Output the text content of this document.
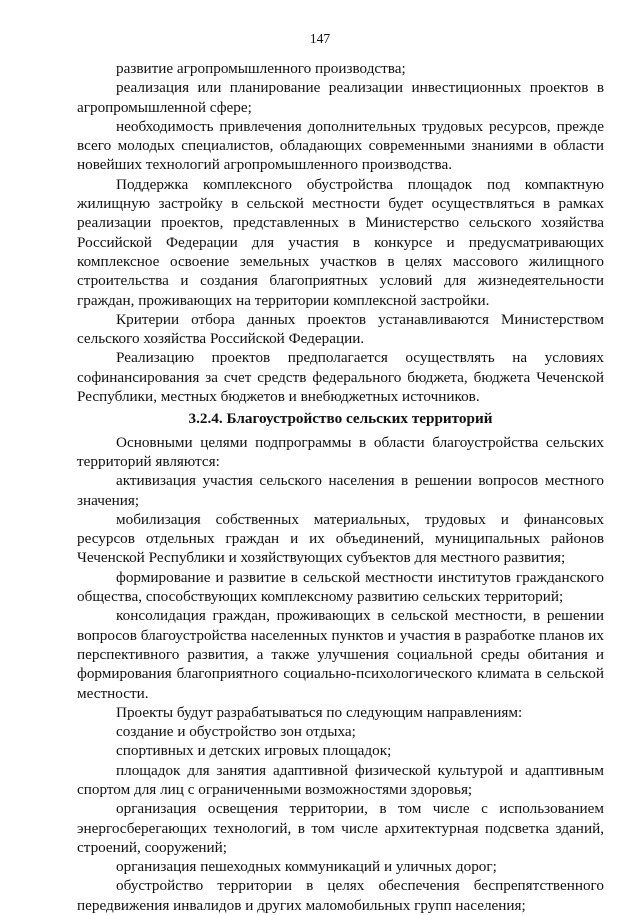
147

развитие агропромышленного производства;

реализация или планирование реализации инвестиционных проектов в агропромышленной сфере;

необходимость привлечения дополнительных трудовых ресурсов, прежде всего молодых специалистов, обладающих современными знаниями в области новейших технологий агропромышленного производства.

Поддержка комплексного обустройства площадок под компактную жилищную застройку в сельской местности будет осуществляться в рамках реализации проектов, представленных в Министерство сельского хозяйства Российской Федерации для участия в конкурсе и предусматривающих комплексное освоение земельных участков в целях массового жилищного строительства и создания благоприятных условий для жизнедеятельности граждан, проживающих на территории комплексной застройки.

Критерии отбора данных проектов устанавливаются Министерством сельского хозяйства Российской Федерации.

Реализацию проектов предполагается осуществлять на условиях софинансирования за счет средств федерального бюджета, бюджета Чеченской Республики, местных бюджетов и внебюджетных источников.

3.2.4. Благоустройство сельских территорий

Основными целями подпрограммы в области благоустройства сельских территорий являются:

активизация участия сельского населения в решении вопросов местного значения;

мобилизация собственных материальных, трудовых и финансовых ресурсов отдельных граждан и их объединений, муниципальных районов Чеченской Республики и хозяйствующих субъектов для местного развития;

формирование и развитие в сельской местности институтов гражданского общества, способствующих комплексному развитию сельских территорий;

консолидация граждан, проживающих в сельской местности, в решении вопросов благоустройства населенных пунктов и участия в разработке планов их перспективного развития, а также улучшения социальной среды обитания и формирования благоприятного социально-психологического климата в сельской местности.

Проекты будут разрабатываться по следующим направлениям:

создание и обустройство зон отдыха;

спортивных и детских игровых площадок;

площадок для занятия адаптивной физической культурой и адаптивным спортом для лиц с ограниченными возможностями здоровья;

организация освещения территории, в том числе с использованием энергосберегающих технологий, в том числе архитектурная подсветка зданий, строений, сооружений;

организация пешеходных коммуникаций и уличных дорог;

обустройство территории в целях обеспечения беспрепятственного передвижения инвалидов и других маломобильных групп населения;
